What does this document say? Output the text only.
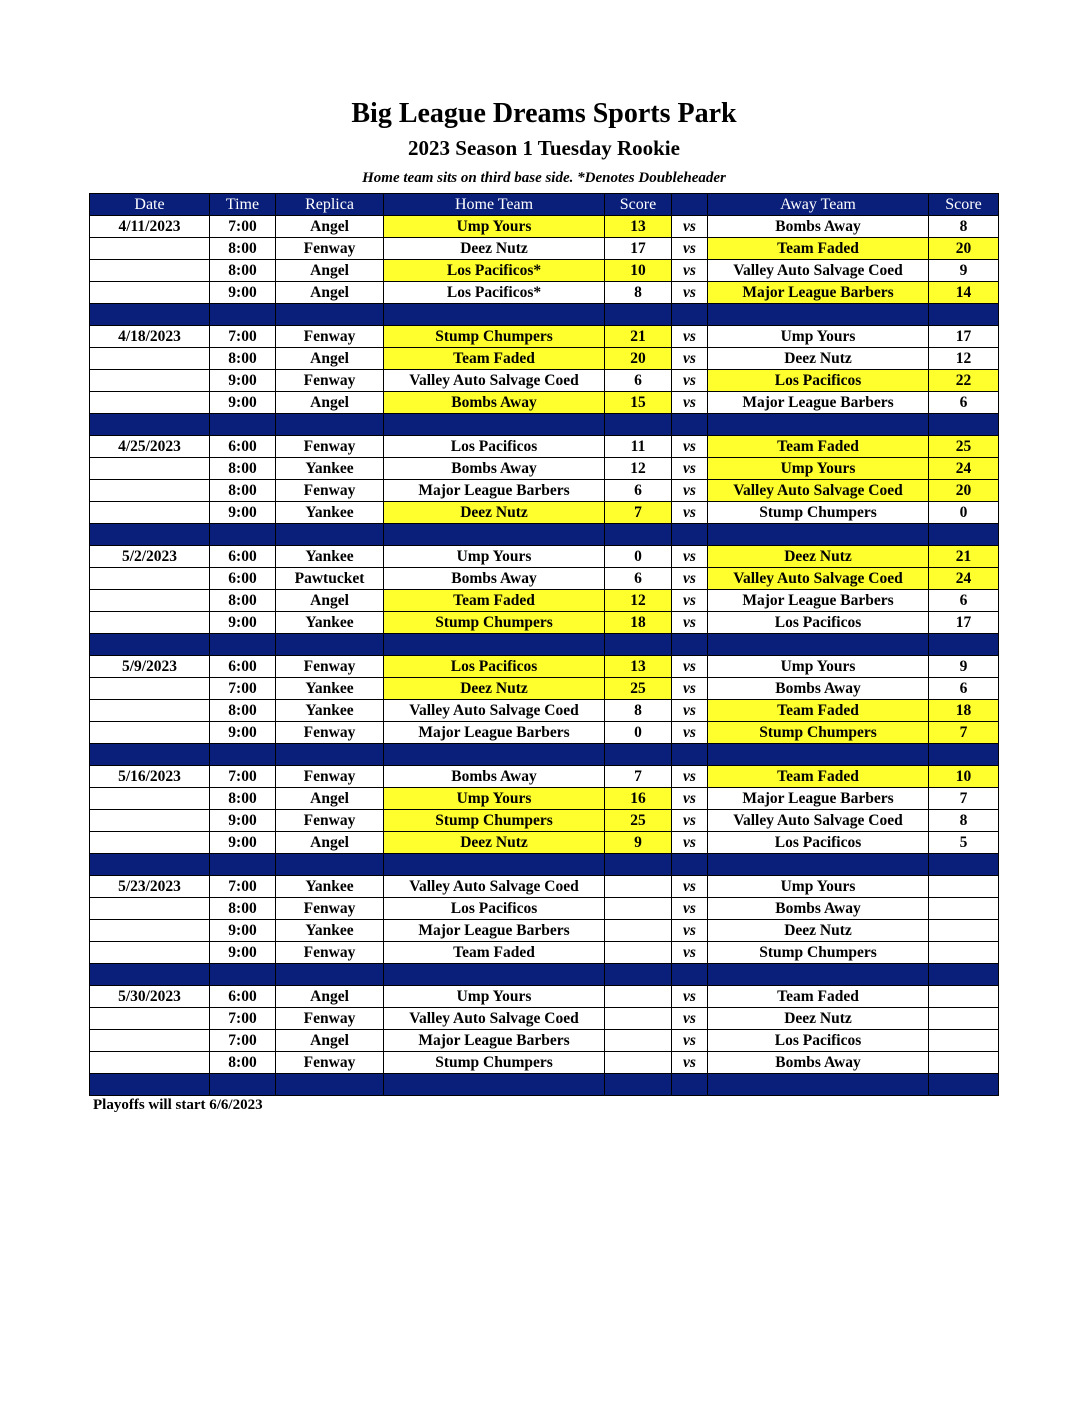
Big League Dreams Sports Park
2023 Season 1 Tuesday Rookie
Home team sits on third base side. *Denotes Doubleheader
Date	Time	Replica	Home Team	Score		Away Team	Score
4/11/2023	7:00	Angel	Ump Yours	13	vs	Bombs Away	8
	8:00	Fenway	Deez Nutz	17	vs	Team Faded	20
	8:00	Angel	Los Pacificos*	10	vs	Valley Auto Salvage Coed	9
	9:00	Angel	Los Pacificos*	8	vs	Major League Barbers	14

4/18/2023	7:00	Fenway	Stump Chumpers	21	vs	Ump Yours	17
	8:00	Angel	Team Faded	20	vs	Deez Nutz	12
	9:00	Fenway	Valley Auto Salvage Coed	6	vs	Los Pacificos	22
	9:00	Angel	Bombs Away	15	vs	Major League Barbers	6

4/25/2023	6:00	Fenway	Los Pacificos	11	vs	Team Faded	25
	8:00	Yankee	Bombs Away	12	vs	Ump Yours	24
	8:00	Fenway	Major League Barbers	6	vs	Valley Auto Salvage Coed	20
	9:00	Yankee	Deez Nutz	7	vs	Stump Chumpers	0

5/2/2023	6:00	Yankee	Ump Yours	0	vs	Deez Nutz	21
	6:00	Pawtucket	Bombs Away	6	vs	Valley Auto Salvage Coed	24
	8:00	Angel	Team Faded	12	vs	Major League Barbers	6
	9:00	Yankee	Stump Chumpers	18	vs	Los Pacificos	17

5/9/2023	6:00	Fenway	Los Pacificos	13	vs	Ump Yours	9
	7:00	Yankee	Deez Nutz	25	vs	Bombs Away	6
	8:00	Yankee	Valley Auto Salvage Coed	8	vs	Team Faded	18
	9:00	Fenway	Major League Barbers	0	vs	Stump Chumpers	7

5/16/2023	7:00	Fenway	Bombs Away	7	vs	Team Faded	10
	8:00	Angel	Ump Yours	16	vs	Major League Barbers	7
	9:00	Fenway	Stump Chumpers	25	vs	Valley Auto Salvage Coed	8
	9:00	Angel	Deez Nutz	9	vs	Los Pacificos	5

5/23/2023	7:00	Yankee	Valley Auto Salvage Coed		vs	Ump Yours	
	8:00	Fenway	Los Pacificos		vs	Bombs Away	
	9:00	Yankee	Major League Barbers		vs	Deez Nutz	
	9:00	Fenway	Team Faded		vs	Stump Chumpers	

5/30/2023	6:00	Angel	Ump Yours		vs	Team Faded	
	7:00	Fenway	Valley Auto Salvage Coed		vs	Deez Nutz	
	7:00	Angel	Major League Barbers		vs	Los Pacificos	
	8:00	Fenway	Stump Chumpers		vs	Bombs Away	

Playoffs will start 6/6/2023
